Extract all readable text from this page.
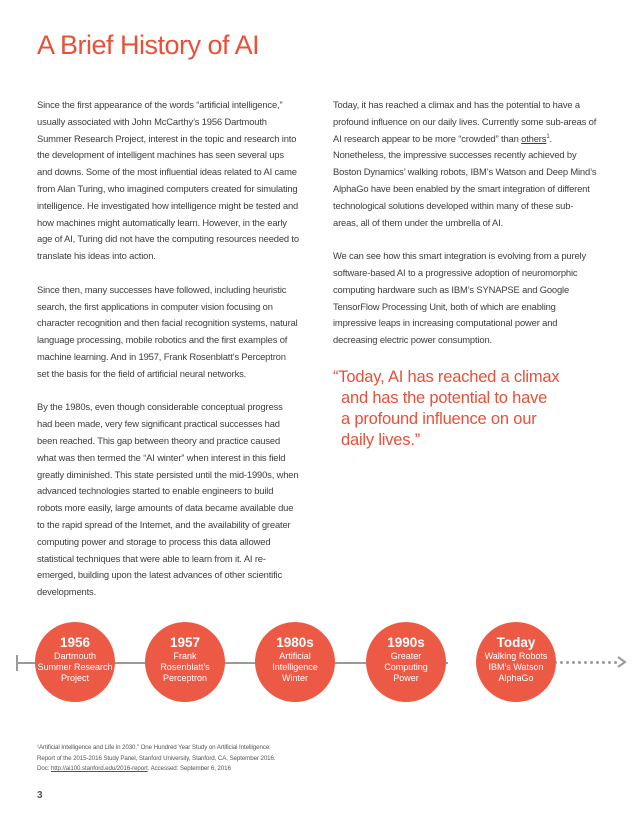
A Brief History of AI

Since the first appearance of the words “artificial intelligence,” usually associated with John McCarthy’s 1956 Dartmouth Summer Research Project, interest in the topic and research into the development of intelligent machines has seen several ups and downs. Some of the most influential ideas related to AI came from Alan Turing, who imagined computers created for simulating intelligence. He investigated how intelligence might be tested and how machines might automatically learn. However, in the early age of AI, Turing did not have the computing resources needed to translate his ideas into action.

Since then, many successes have followed, including heuristic search, the first applications in computer vision focusing on character recognition and then facial recognition systems, natural language processing, mobile robotics and the first examples of machine learning. And in 1957, Frank Rosenblatt’s Perceptron set the basis for the field of artificial neural networks.

By the 1980s, even though considerable conceptual progress had been made, very few significant practical successes had been reached. This gap between theory and practice caused what was then termed the “AI winter” when interest in this field greatly diminished. This state persisted until the mid-1990s, when advanced technologies started to enable engineers to build robots more easily, large amounts of data became available due to the rapid spread of the Internet, and the availability of greater computing power and storage to process this data allowed statistical techniques that were able to learn from it. AI re-emerged, building upon the latest advances of other scientific developments.

Today, it has reached a climax and has the potential to have a profound influence on our daily lives. Currently some sub-areas of AI research appear to be more “crowded” than others$^1$. Nonetheless, the impressive successes recently achieved by Boston Dynamics’ walking robots, IBM’s Watson and Deep Mind’s AlphaGo have been enabled by the smart integration of different technological solutions developed within many of these sub-areas, all of them under the umbrella of AI.

We can see how this smart integration is evolving from a purely software-based AI to a progressive adoption of neuromorphic computing hardware such as IBM’s SYNAPSE and Google TensorFlow Processing Unit, both of which are enabling impressive leaps in increasing computational power and decreasing electric power consumption.

“Today, AI has reached a climax
and has the potential to have
a profound influence on our
daily lives.”
1956
Dartmouth
Summer Research
Project
1957
Frank
Rosenblatt’s
Perceptron
1980s
Artificial
Intelligence
Winter
1990s
Greater
Computing
Power
Today
Walking Robots
IBM’s Watson
AlphaGo
¹Artificial Intelligence and Life in 2030.” One Hundred Year Study on Artificial Intelligence:
Report of the 2015-2016 Study Panel, Stanford University, Stanford, CA, September 2016.
Doc: http://ai100.stanford.edu/2016-report. Accessed: September 6, 2016
3
